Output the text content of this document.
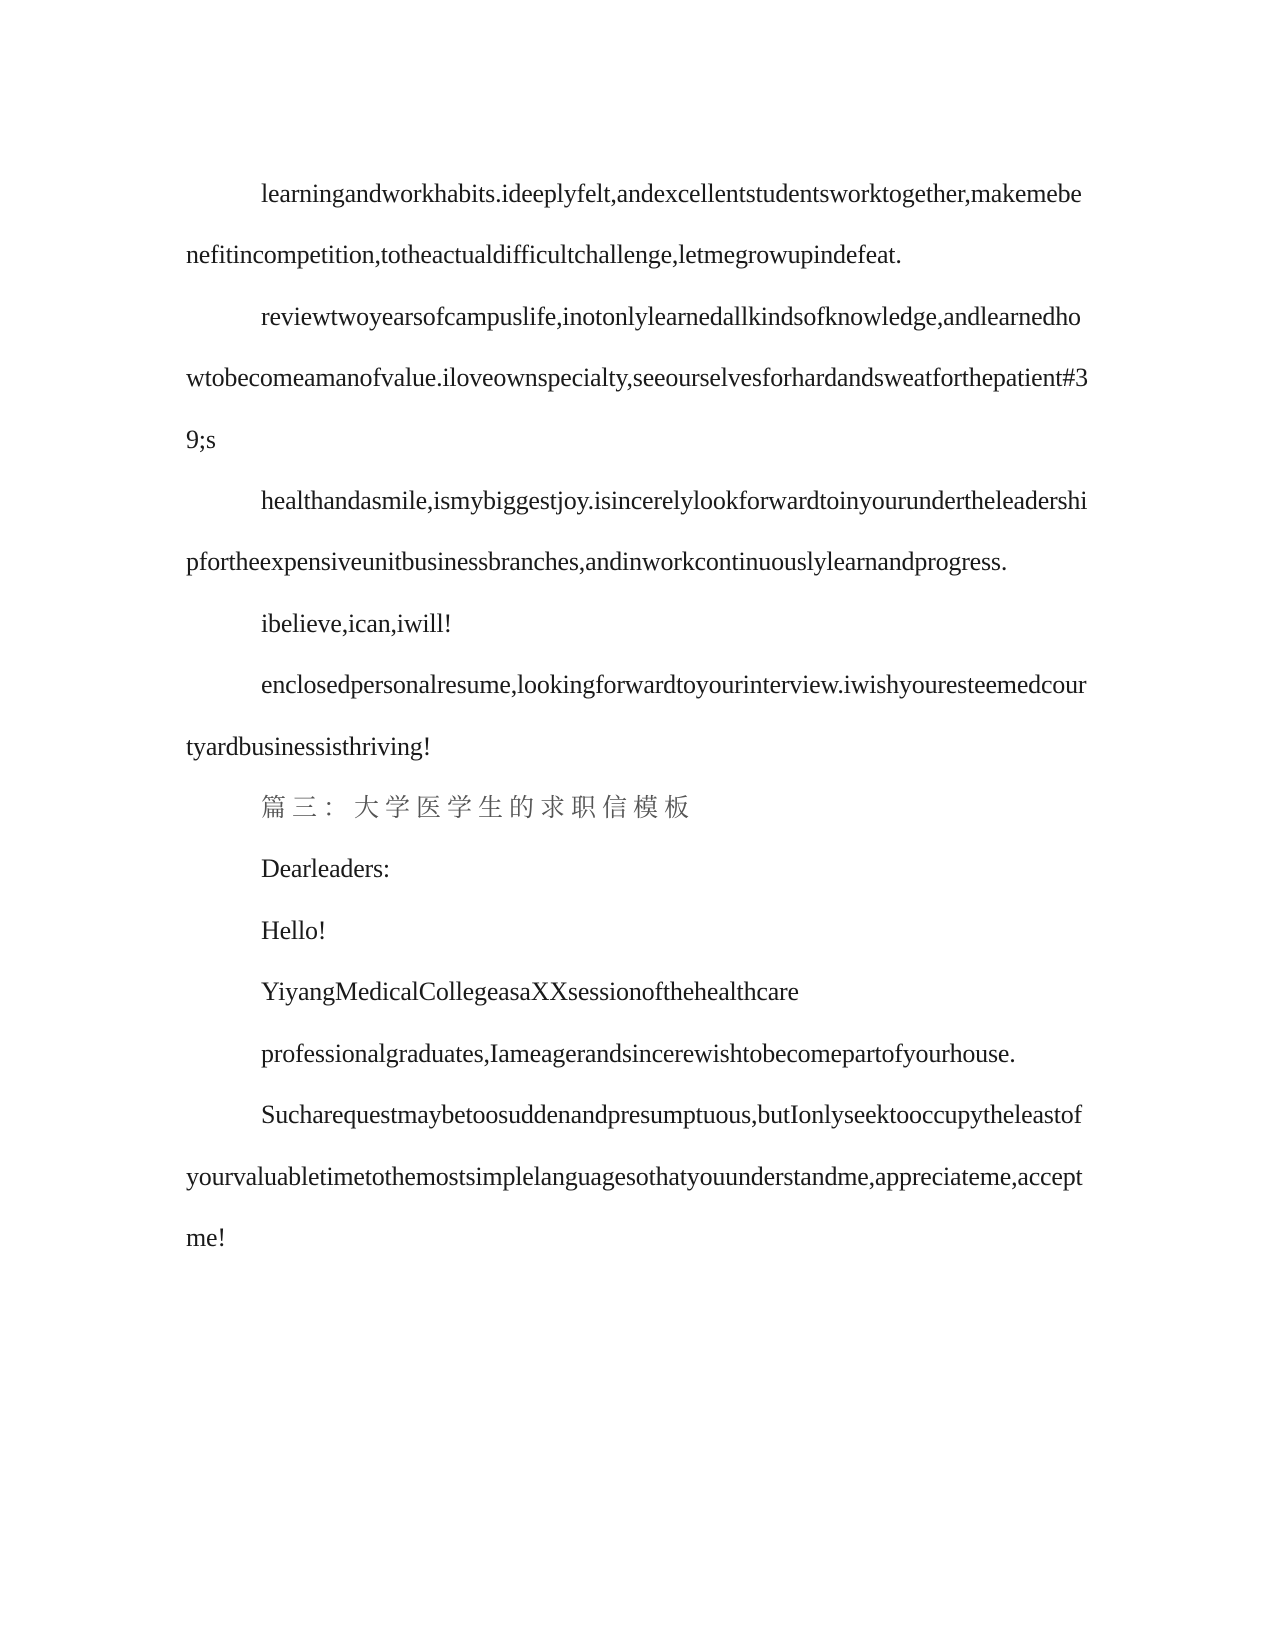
learningandworkhabits.ideeplyfelt,andexcellentstudentsworktogether,makemebenefitincompetition,totheactualdifficultchallenge,letmegrowupindefeat.

reviewtwoyearsofcampuslife,inotonlylearnedallkindsofknowledge,andlearnedhowtobecomeamanofvalue.iloveownspecialty,seeourselvesforhardandsweatforthepatient#39;s

healthandasmile,ismybiggestjoy.isincerelylookforwardtoinyourundertheleadershipfortheexpensiveunitbusinessbranches,andinworkcontinuouslylearnandprogress.

ibelieve,ican,iwill!

enclosedpersonalresume,lookingforwardtoyourinterview.iwishyouresteemedcourtyardbusinessisthriving!

篇三：大学医学生的求职信模板

Dearleaders:

Hello!

YiyangMedicalCollegeasaXXsessionofthehealthcare

professionalgraduates,Iameagerandsincerewishtobecomepartofyourhouse.

Sucharequestmaybetoosuddenandpresumptuous,butIonlyseektooccupytheleastofyourvaluabletimetothemostsimplelanguagesothatyouunderstandme,appreciateme,acceptme!
